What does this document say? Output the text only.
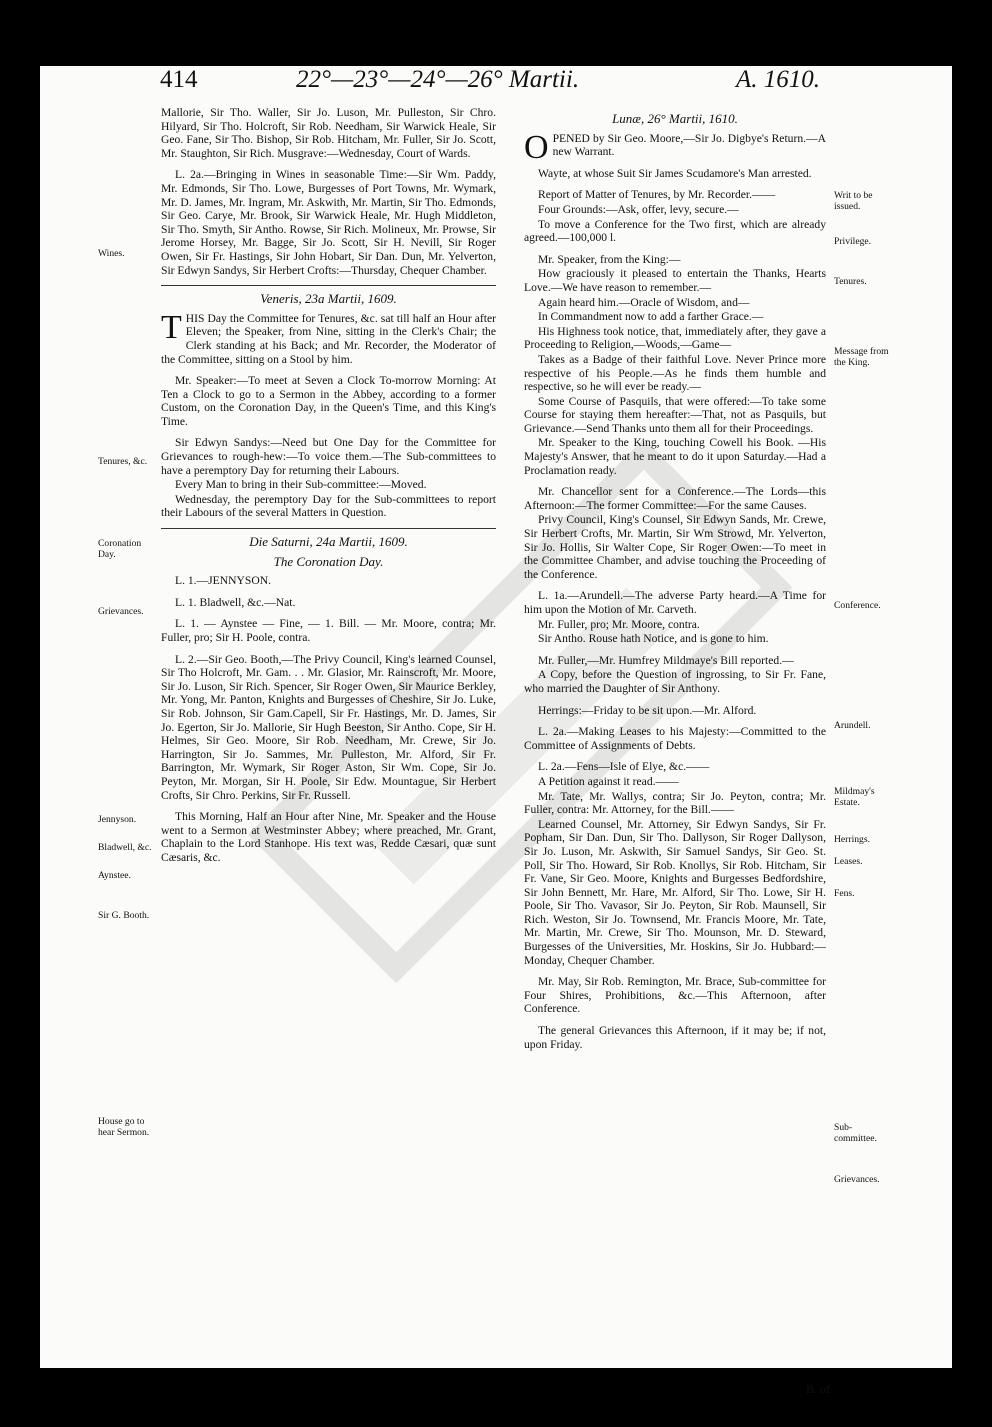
414	22°—23°—24°—26° Martii.	A. 1610.

Mallorie, Sir Tho. Waller, Sir Jo. Luson, Mr. Pulleston, Sir Chro. Hilyard, Sir Tho. Holcroft, Sir Rob. Needham, Sir Warwick Heale, Sir Geo. Fane, Sir Tho. Bishop, Sir Rob. Hitcham, Mr. Fuller, Sir Jo. Scott, Mr. Staughton, Sir Rich. Musgrave:—Wednesday, Court of Wards.

L. 2a.—Bringing in Wines in seasonable Time:—Sir Wm. Paddy, Mr. Edmonds, Sir Tho. Lowe, Burgesses of Port Towns, Mr. Wymark, Mr. D. James, Mr. Ingram, Mr. Askwith, Mr. Martin, Sir Tho. Edmonds, Sir Geo. Carye, Mr. Brook, Sir Warwick Heale, Mr. Hugh Middleton, Sir Tho. Smyth, Sir Antho. Rowse, Sir Rich. Molineux, Mr. Prowse, Sir Jerome Horsey, Mr. Bagge, Sir Jo. Scott, Sir H. Nevill, Sir Roger Owen, Sir Fr. Hastings, Sir John Hobart, Sir Dan. Dun, Mr. Yelverton, Sir Edwyn Sandys, Sir Herbert Crofts:—Thursday, Chequer Chamber.

Veneris, 23a Martii, 1609.

THIS Day the Committee for Tenures, &c. sat till half an Hour after Eleven; the Speaker, from Nine, sitting in the Clerk's Chair; the Clerk standing at his Back; and Mr. Recorder, the Moderator of the Committee, sitting on a Stool by him.

Mr. Speaker:—To meet at Seven a Clock To-morrow Morning: At Ten a Clock to go to a Sermon in the Abbey, according to a former Custom, on the Coronation Day, in the Queen's Time, and this King's Time.

Sir Edwyn Sandys:—Need but One Day for the Committee for Grievances to rough-hew:—To voice them.—The Sub-committees to have a peremptory Day for returning their Labours.

Every Man to bring in their Sub-committee:—Moved.

Wednesday, the peremptory Day for the Sub-committees to report their Labours of the several Matters in Question.

Die Saturni, 24a Martii, 1609.
The Coronation Day.

L. 1.—JENNYSON.

L. 1. Bladwell, &c.—Nat.

L. 1. — Aynstee — Fine, — 1. Bill. — Mr. Moore, contra; Mr. Fuller, pro; Sir H. Poole, contra.

L. 2.—Sir Geo. Booth,—The Privy Council, King's learned Counsel, Sir Tho Holcroft, Mr. Gam. . . Mr. Glasior, Mr. Rainscroft, Mr. Moore, Sir Jo. Luson, Sir Rich. Spencer, Sir Roger Owen, Sir Maurice Berkley, Mr. Yong, Mr. Panton, Knights and Burgesses of Cheshire, Sir Jo. Luke, Sir Rob. Johnson, Sir Gam.Capell, Sir Fr. Hastings, Mr. D. James, Sir Jo. Egerton, Sir Jo. Mallorie, Sir Hugh Beeston, Sir Antho. Cope, Sir H. Helmes, Sir Geo. Moore, Sir Rob. Needham, Mr. Crewe, Sir Jo. Harrington, Sir Jo. Sammes, Mr. Pulleston, Mr. Alford, Sir Fr. Barrington, Mr. Wymark, Sir Roger Aston, Sir Wm. Cope, Sir Jo. Peyton, Mr. Morgan, Sir H. Poole, Sir Edw. Mountague, Sir Herbert Crofts, Sir Chro. Perkins, Sir Fr. Russell.

This Morning, Half an Hour after Nine, Mr. Speaker and the House went to a Sermon at Westminster Abbey; where preached, Mr. Grant, Chaplain to the Lord Stanhope. His text was, Redde Cæsari, quæ sunt Cæsaris, &c.

Lunæ, 26° Martii, 1610.

OPENED by Sir Geo. Moore,—Sir Jo. Digbye's Return.—A new Warrant.

Wayte, at whose Suit Sir James Scudamore's Man arrested.

Report of Matter of Tenures, by Mr. Recorder.——

Four Grounds:—Ask, offer, levy, secure.—

To move a Conference for the Two first, which are already agreed.—100,000 l.

Mr. Speaker, from the King:—

How graciously it pleased to entertain the Thanks, Hearts Love.—We have reason to remember.—

Again heard him.—Oracle of Wisdom, and—

In Commandment now to add a farther Grace.—

His Highness took notice, that, immediately after, they gave a Proceeding to Religion,—Woods,—Game—

Takes as a Badge of their faithful Love. Never Prince more respective of his People.—As he finds them humble and respective, so he will ever be ready.—

Some Course of Pasquils, that were offered:—To take some Course for staying them hereafter:—That, not as Pasquils, but Grievance.—Send Thanks unto them all for their Proceedings.

Mr. Speaker to the King, touching Cowell his Book. —His Majesty's Answer, that he meant to do it upon Saturday.—Had a Proclamation ready.

Mr. Chancellor sent for a Conference.—The Lords—this Afternoon:—The former Committee:—For the same Causes.

Privy Council, King's Counsel, Sir Edwyn Sands, Mr. Crewe, Sir Herbert Crofts, Mr. Martin, Sir Wm Strowd, Mr. Yelverton, Sir Jo. Hollis, Sir Walter Cope, Sir Roger Owen:—To meet in the Committee Chamber, and advise touching the Proceeding of the Conference.

L. 1a.—Arundell.—The adverse Party heard.—A Time for him upon the Motion of Mr. Carveth.

Mr. Fuller, pro; Mr. Moore, contra.

Sir Antho. Rouse hath Notice, and is gone to him.

Mr. Fuller,—Mr. Humfrey Mildmaye's Bill reported.—

A Copy, before the Question of ingrossing, to Sir Fr. Fane, who married the Daughter of Sir Anthony.

Herrings:—Friday to be sit upon.—Mr. Alford.

L. 2a.—Making Leases to his Majesty:—Committed to the Committee of Assignments of Debts.

L. 2a.—Fens—Isle of Elye, &c.——

A Petition against it read.——

Mr. Tate, Mr. Wallys, contra; Sir Jo. Peyton, contra; Mr. Fuller, contra: Mr. Attorney, for the Bill.——

Learned Counsel, Mr. Attorney, Sir Edwyn Sandys, Sir Fr. Popham, Sir Dan. Dun, Sir Tho. Dallyson, Sir Roger Dallyson, Sir Jo. Luson, Mr. Askwith, Sir Samuel Sandys, Sir Geo. St. Poll, Sir Tho. Howard, Sir Rob. Knollys, Sir Rob. Hitcham, Sir Fr. Vane, Sir Geo. Moore, Knights and Burgesses Bedfordshire, Sir John Bennett, Mr. Hare, Mr. Alford, Sir Tho. Lowe, Sir H. Poole, Sir Tho. Vavasor, Sir Jo. Peyton, Sir Rob. Maunsell, Sir Rich. Weston, Sir Jo. Townsend, Mr. Francis Moore, Mr. Tate, Mr. Martin, Mr. Crewe, Sir Tho. Mounson, Mr. D. Steward, Burgesses of the Universities, Mr. Hoskins, Sir Jo. Hubbard:—Monday, Chequer Chamber.

Mr. May, Sir Rob. Remington, Mr. Brace, Sub-committee for Four Shires, Prohibitions, &c.—This Afternoon, after Conference.

The general Grievances this Afternoon, if it may be; if not, upon Friday.

Wines.
Tenures, &c.
Coronation Day.
Grievances.
Jennyson.
Bladwell, &c.
Aynstee.
Sir G. Booth.
House go to hear Sermon.
Writ to be issued.
Privilege.
Tenures.
Message from the King.
Conference.
Arundell.
Mildmay's Estate.
Herrings.
Leases.
Fens.
Sub-committee.
Grievances.
B. of
